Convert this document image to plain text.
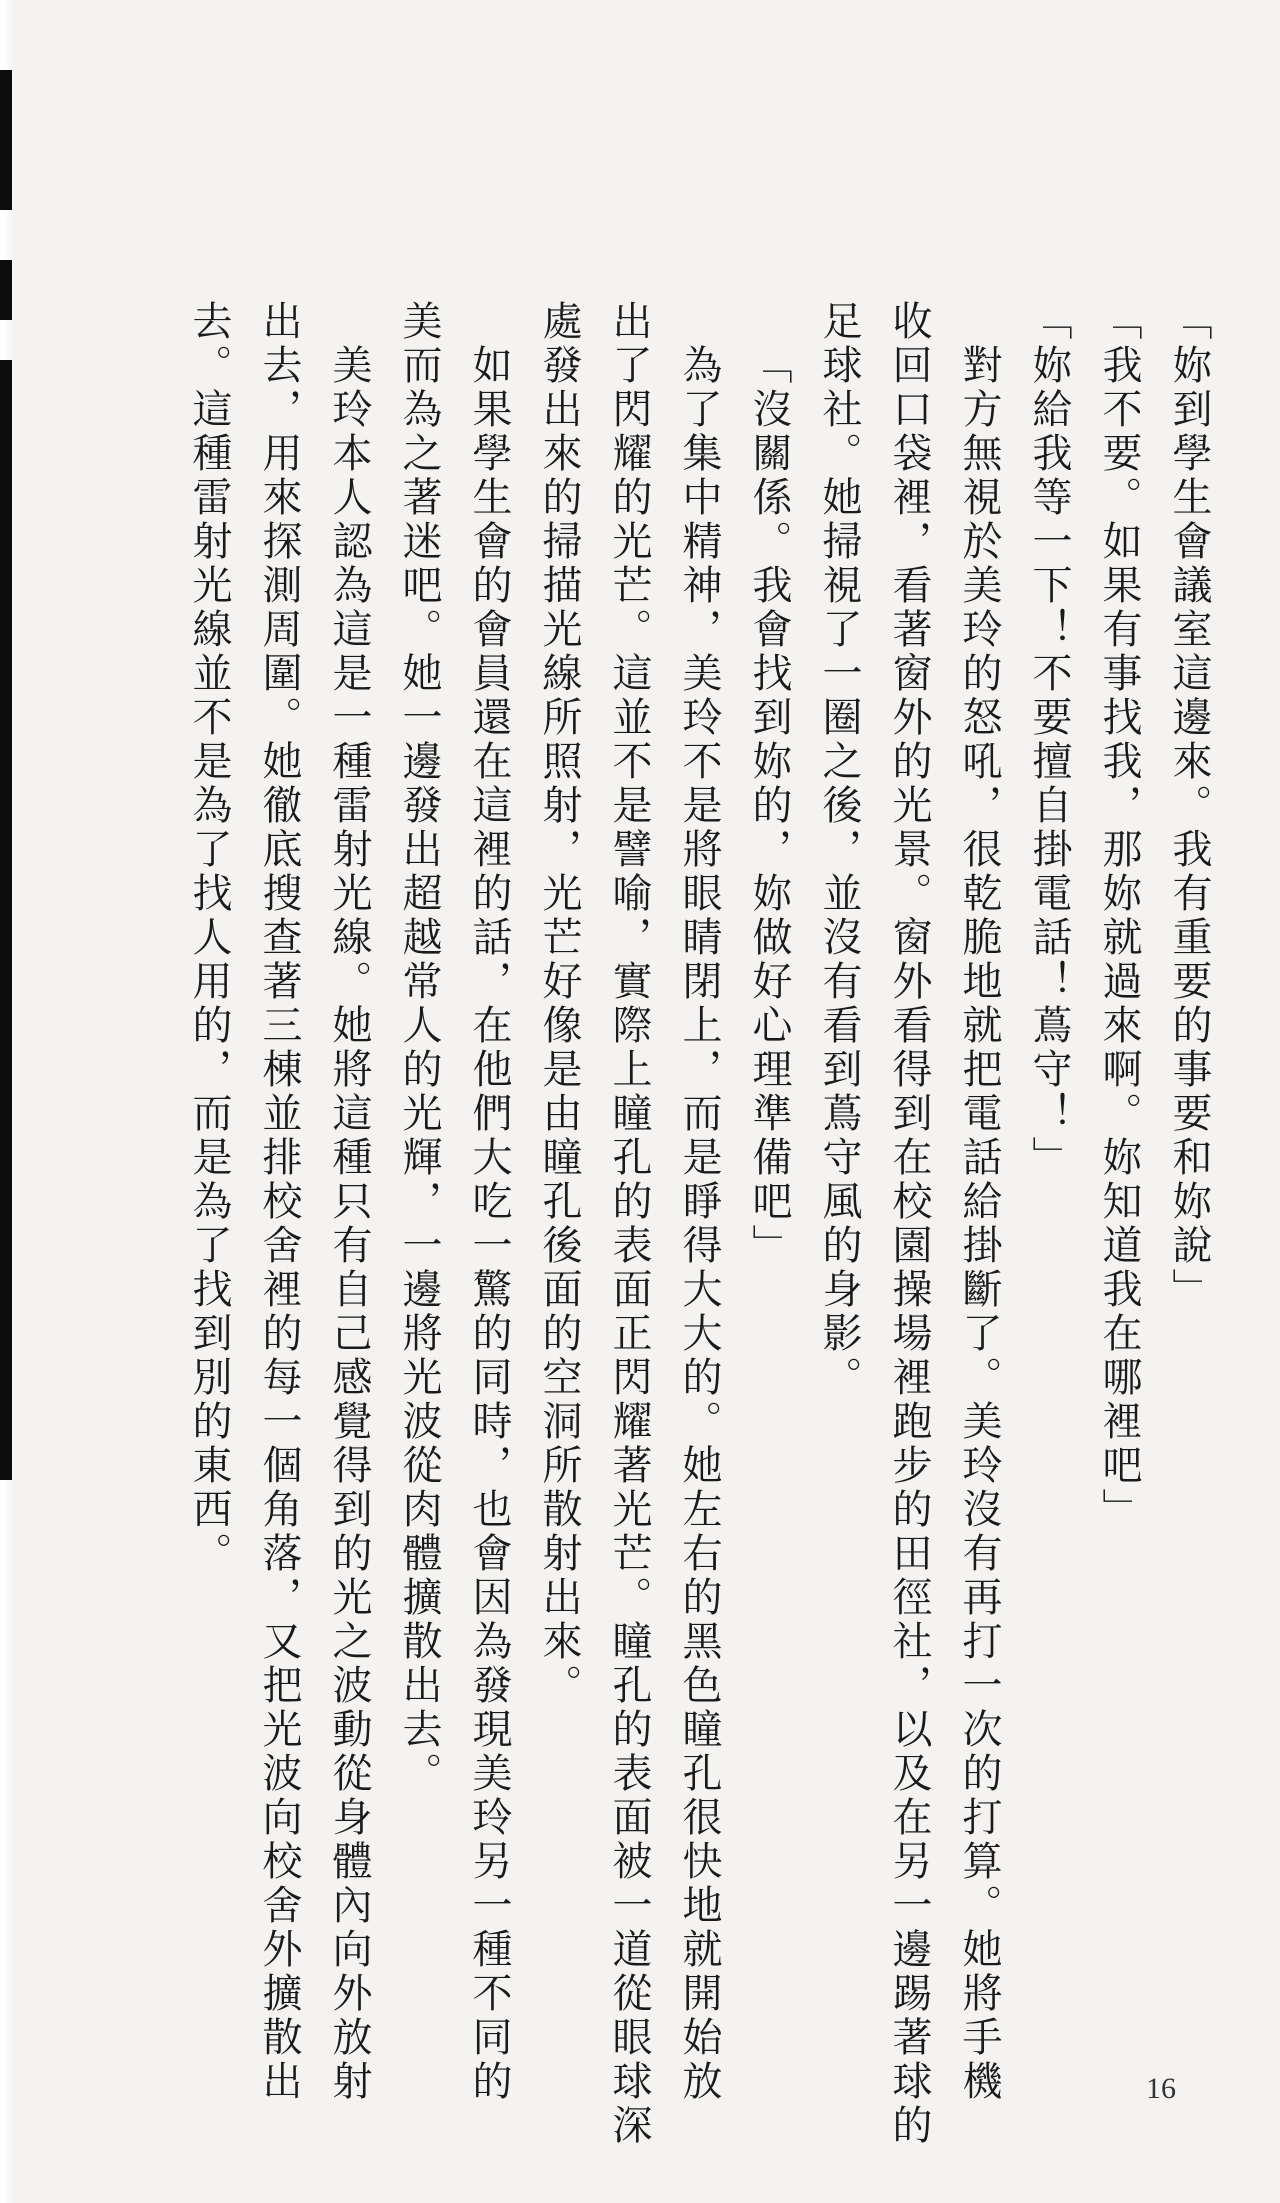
「妳到學生會議室這邊來。我有重要的事要和妳說」

「我不要。如果有事找我，那妳就過來啊。妳知道我在哪裡吧」

「妳給我等一下！不要擅自掛電話！蔦守！」

對方無視於美玲的怒吼，很乾脆地就把電話給掛斷了。美玲沒有再打一次的打算。她將手機

收回口袋裡，看著窗外的光景。窗外看得到在校園操場裡跑步的田徑社，以及在另一邊踢著球的

足球社。她掃視了一圈之後，並沒有看到蔦守風的身影。

「沒關係。我會找到妳的，妳做好心理準備吧」

為了集中精神，美玲不是將眼睛閉上，而是睜得大大的。她左右的黑色瞳孔很快地就開始放

出了閃耀的光芒。這並不是譬喻，實際上瞳孔的表面正閃耀著光芒。瞳孔的表面被一道從眼球深

處發出來的掃描光線所照射，光芒好像是由瞳孔後面的空洞所散射出來。

如果學生會的會員還在這裡的話，在他們大吃一驚的同時，也會因為發現美玲另一種不同的

美而為之著迷吧。她一邊發出超越常人的光輝，一邊將光波從肉體擴散出去。

美玲本人認為這是一種雷射光線。她將這種只有自己感覺得到的光之波動從身體內向外放射

出去，用來探測周圍。她徹底搜查著三棟並排校舍裡的每一個角落，又把光波向校舍外擴散出

去。這種雷射光線並不是為了找人用的，而是為了找到別的東西。

16
